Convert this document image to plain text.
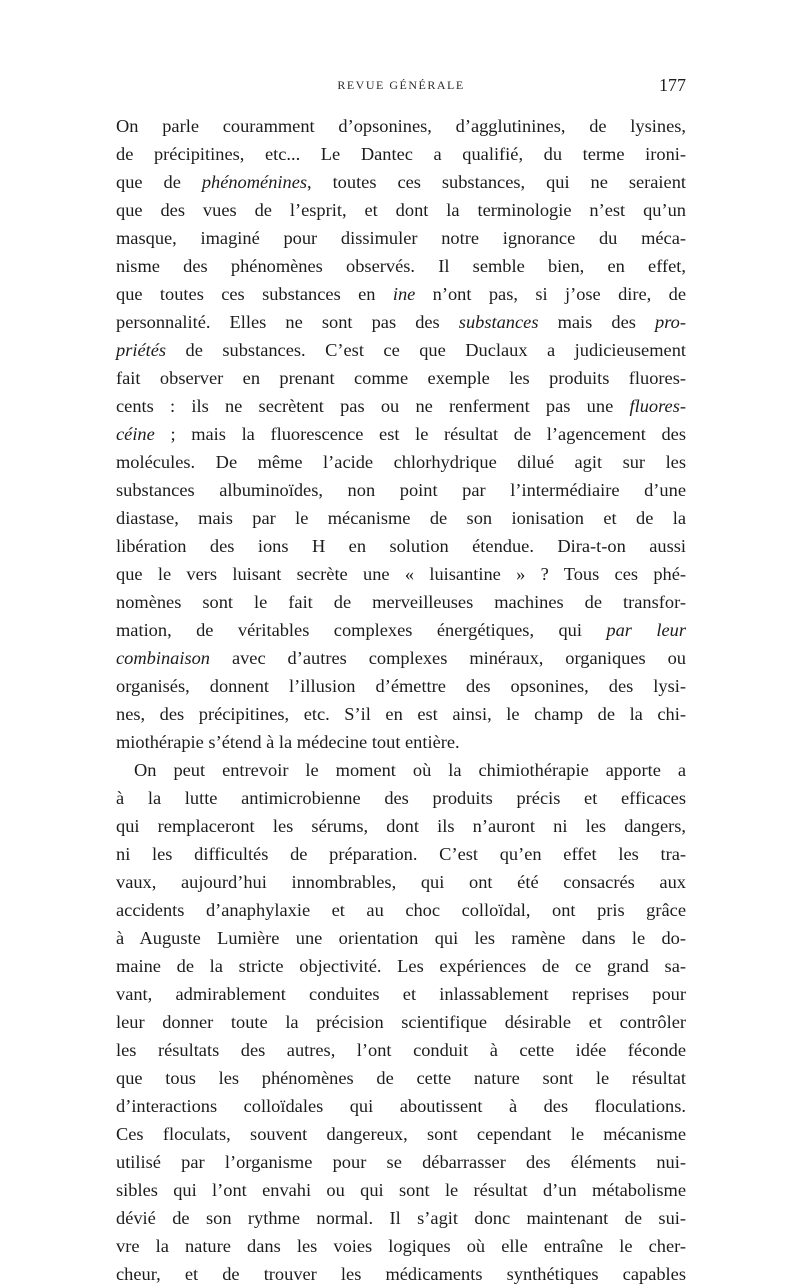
REVUE GÉNÉRALE	177
On parle couramment d’opsonines, d’agglutinines, de lysines,
de précipitines, etc... Le Dantec a qualifié, du terme ironi-
que de phénoménines, toutes ces substances, qui ne seraient
que des vues de l’esprit, et dont la terminologie n’est qu’un
masque, imaginé pour dissimuler notre ignorance du méca-
nisme des phénomènes observés. Il semble bien, en effet,
que toutes ces substances en ine n’ont pas, si j’ose dire, de
personnalité. Elles ne sont pas des substances mais des pro-
priétés de substances. C’est ce que Duclaux a judicieusement
fait observer en prenant comme exemple les produits fluores-
cents : ils ne secrètent pas ou ne renferment pas une fluores-
céine ; mais la fluorescence est le résultat de l’agencement des
molécules. De même l’acide chlorhydrique dilué agit sur les
substances albuminoïdes, non point par l’intermédiaire d’une
diastase, mais par le mécanisme de son ionisation et de la
libération des ions H en solution étendue. Dira-t-on aussi
que le vers luisant secrète une « luisantine » ? Tous ces phé-
nomènes sont le fait de merveilleuses machines de transfor-
mation, de véritables complexes énergétiques, qui par leur
combinaison avec d’autres complexes minéraux, organiques ou
organisés, donnent l’illusion d’émettre des opsonines, des lysi-
nes, des précipitines, etc. S’il en est ainsi, le champ de la chi-
miothérapie s’étend à la médecine tout entière.
On peut entrevoir le moment où la chimiothérapie apporte a
à la lutte antimicrobienne des produits précis et efficaces
qui remplaceront les sérums, dont ils n’auront ni les dangers,
ni les difficultés de préparation. C’est qu’en effet les tra-
vaux, aujourd’hui innombrables, qui ont été consacrés aux
accidents d’anaphylaxie et au choc colloïdal, ont pris grâce
à Auguste Lumière une orientation qui les ramène dans le do-
maine de la stricte objectivité. Les expériences de ce grand sa-
vant, admirablement conduites et inlassablement reprises pour
leur donner toute la précision scientifique désirable et contrôler
les résultats des autres, l’ont conduit à cette idée féconde
que tous les phénomènes de cette nature sont le résultat
d’interactions colloïdales qui aboutissent à des floculations.
Ces floculats, souvent dangereux, sont cependant le mécanisme
utilisé par l’organisme pour se débarrasser des éléments nui-
sibles qui l’ont envahi ou qui sont le résultat d’un métabolisme
dévié de son rythme normal. Il s’agit donc maintenant de sui-
vre la nature dans les voies logiques où elle entraîne le cher-
cheur, et de trouver les médicaments synthétiques capables
